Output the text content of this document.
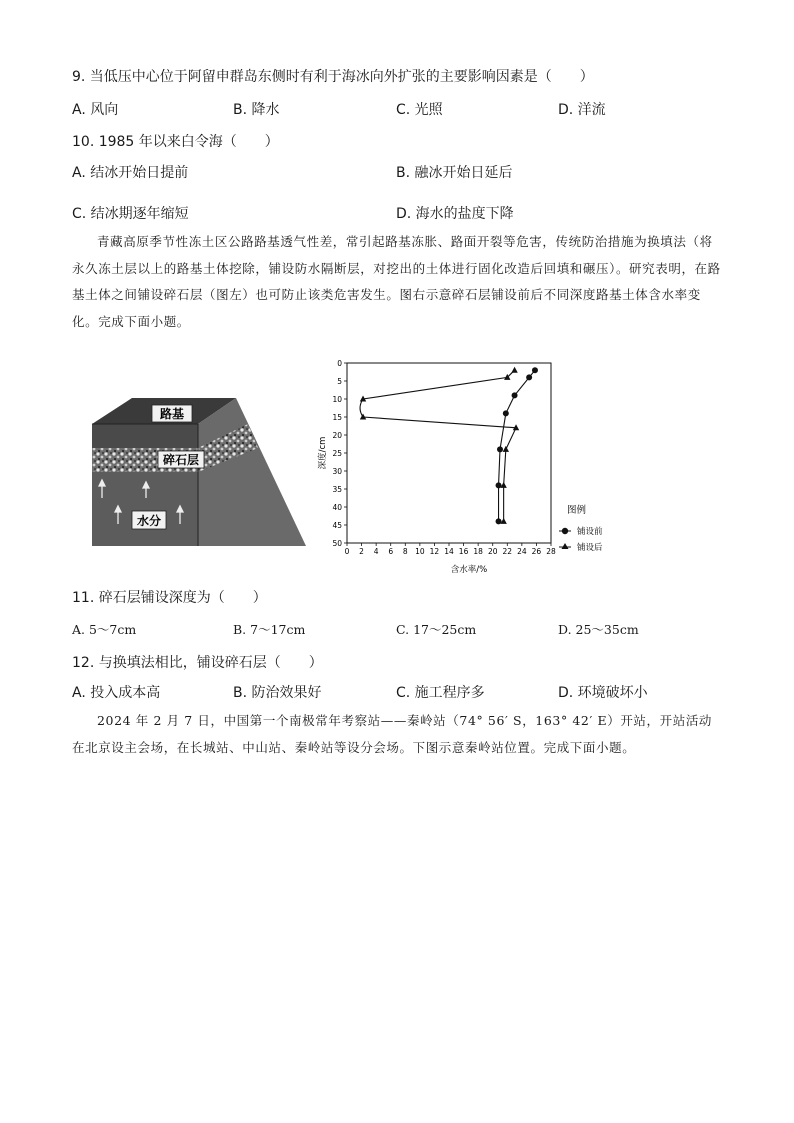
9. 当低压中心位于阿留申群岛东侧时有利于海冰向外扩张的主要影响因素是（　　）
A. 风向	B. 降水	C. 光照	D. 洋流
10. 1985 年以来白令海（　　）
A. 结冰开始日提前	B. 融冰开始日延后
C. 结冰期逐年缩短	D. 海水的盐度下降

青藏高原季节性冻土区公路路基透气性差，常引起路基冻胀、路面开裂等危害，传统防治措施为换填法（将永久冻土层以上的路基土体挖除，铺设防水隔断层，对挖出的土体进行固化改造后回填和碾压）。研究表明，在路基土体之间铺设碎石层（图左）也可防止该类危害发生。图右示意碎石层铺设前后不同深度路基土体含水率变化。完成下面小题。

路基
碎石层
水分
0 2 4 6 8 10 12 14 16 18 20 22 24 26 28
0
5
10
15
20
25
30
35
40
45
50
含水率/%
深度/cm
图例
铺设前
铺设后
11. 碎石层铺设深度为（　　）
A. 5～7cm	B. 7～17cm	C. 17～25cm	D. 25～35cm
12. 与换填法相比，铺设碎石层（　　）
A. 投入成本高	B. 防治效果好	C. 施工程序多	D. 环境破坏小

2024 年 2 月 7 日，中国第一个南极常年考察站——秦岭站（74° 56′ S，163° 42′ E）开站，开站活动在北京设主会场，在长城站、中山站、秦岭站等设分会场。下图示意秦岭站位置。完成下面小题。
